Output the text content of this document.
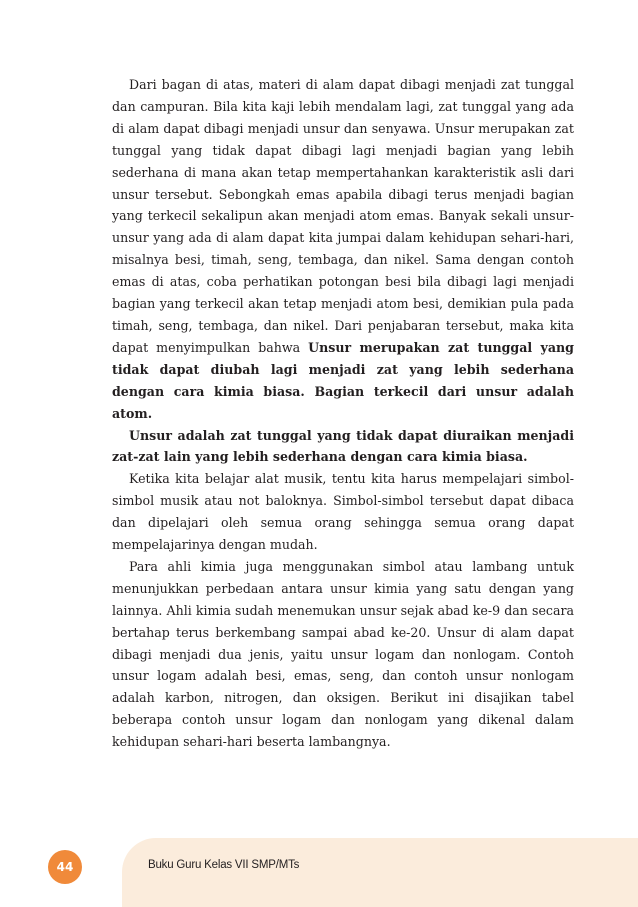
Dari bagan di atas, materi di alam dapat dibagi menjadi zat tunggal dan campuran. Bila kita kaji lebih mendalam lagi, zat tunggal yang ada di alam dapat dibagi menjadi unsur dan senyawa. Unsur merupakan zat tunggal yang tidak dapat dibagi lagi menjadi bagian yang lebih sederhana di mana akan tetap mempertahankan karakteristik asli dari unsur tersebut. Sebongkah emas apabila dibagi terus menjadi bagian yang terkecil sekalipun akan menjadi atom emas. Banyak sekali unsur-unsur yang ada di alam dapat kita jumpai dalam kehidupan sehari-hari, misalnya besi, timah, seng, tembaga, dan nikel. Sama dengan contoh emas di atas, coba perhatikan potongan besi bila dibagi lagi menjadi bagian yang terkecil akan tetap menjadi atom besi, demikian pula pada timah, seng, tembaga, dan nikel. Dari penjabaran tersebut, maka kita dapat menyimpulkan bahwa Unsur merupakan zat tunggal yang tidak dapat diubah lagi menjadi zat yang lebih sederhana dengan cara kimia biasa. Bagian terkecil dari unsur adalah atom.

Unsur adalah zat tunggal yang tidak dapat diuraikan menjadi zat-zat lain yang lebih sederhana dengan cara kimia biasa.

Ketika kita belajar alat musik, tentu kita harus mempelajari simbol-simbol musik atau not baloknya. Simbol-simbol tersebut dapat dibaca dan dipelajari oleh semua orang sehingga semua orang dapat mempelajarinya dengan mudah.

Para ahli kimia juga menggunakan simbol atau lambang untuk menunjukkan perbedaan antara unsur kimia yang satu dengan yang lainnya. Ahli kimia sudah menemukan unsur sejak abad ke-9 dan secara bertahap terus berkembang sampai abad ke-20. Unsur di alam dapat dibagi menjadi dua jenis, yaitu unsur logam dan nonlogam. Contoh unsur logam adalah besi, emas, seng, dan contoh unsur nonlogam adalah karbon, nitrogen, dan oksigen. Berikut ini disajikan tabel beberapa contoh unsur logam dan nonlogam yang dikenal dalam kehidupan sehari-hari beserta lambangnya.

44	Buku Guru Kelas VII SMP/MTs
